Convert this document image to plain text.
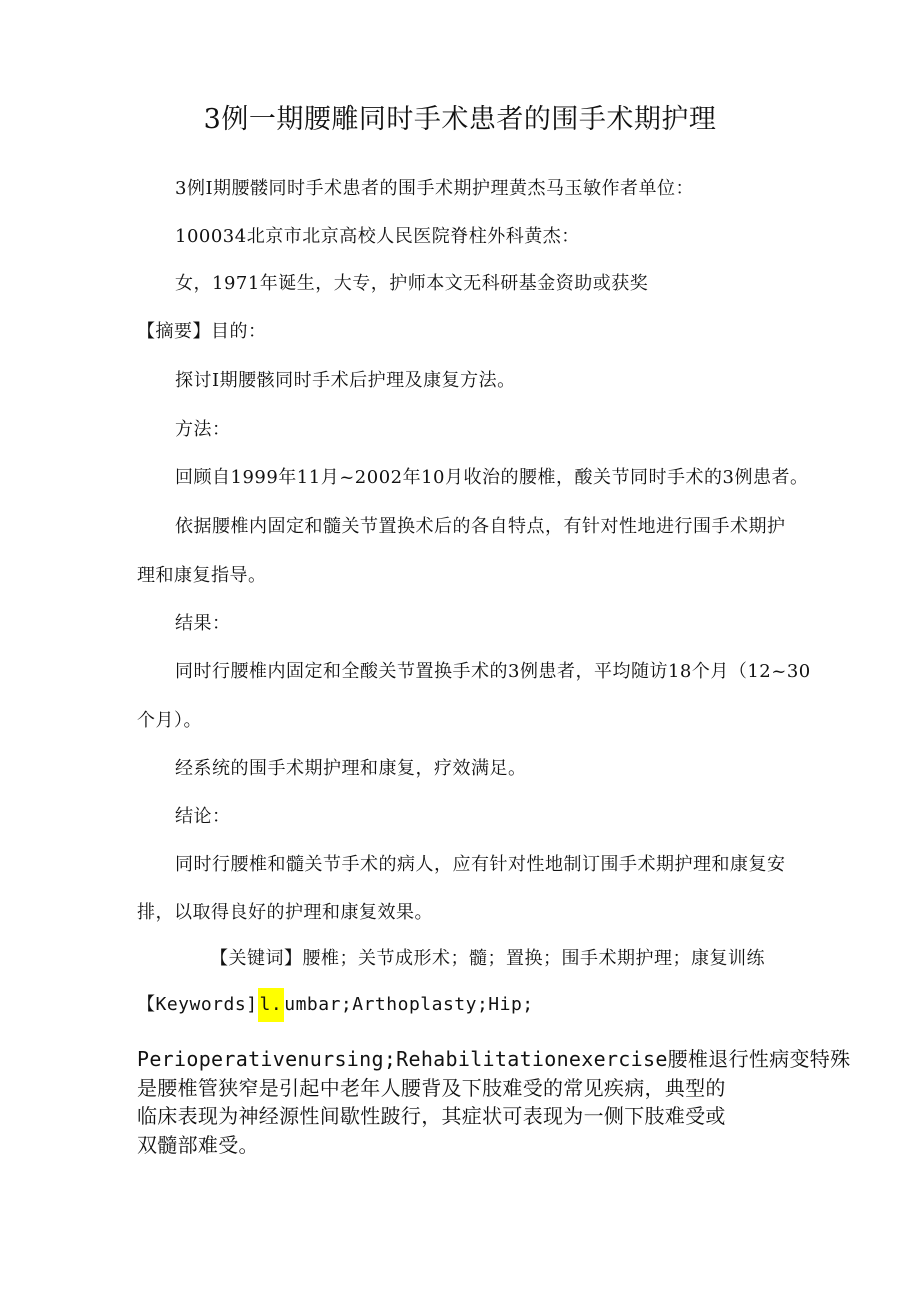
3例一期腰雕同时手术患者的围手术期护理
3例I期腰髅同时手术患者的围手术期护理黄杰马玉敏作者单位：
100034北京市北京高校人民医院脊柱外科黄杰：
女，1971年诞生，大专，护师本文无科研基金资助或获奖
【摘要】目的：
探讨I期腰骸同时手术后护理及康复方法。
方法：
回顾自1999年11月~2002年10月收治的腰椎，酸关节同时手术的3例患者。
依据腰椎内固定和髓关节置换术后的各自特点，有针对性地进行围手术期护
理和康复指导。
结果：
同时行腰椎内固定和全酸关节置换手术的3例患者，平均随访18个月（12~30
个月）。
经系统的围手术期护理和康复，疗效满足。
结论：
同时行腰椎和髓关节手术的病人，应有针对性地制订围手术期护理和康复安
排，以取得良好的护理和康复效果。
【关键词】腰椎；关节成形术；髓；置换；围手术期护理；康复训练
【Keywords] l. umbar;Arthoplasty;Hip;
Perioperativenursing;Rehabilitationexercise腰椎退行性病变特殊
是腰椎管狭窄是引起中老年人腰背及下肢难受的常见疾病，典型的
临床表现为神经源性间歇性跛行，其症状可表现为一侧下肢难受或
双髓部难受。
